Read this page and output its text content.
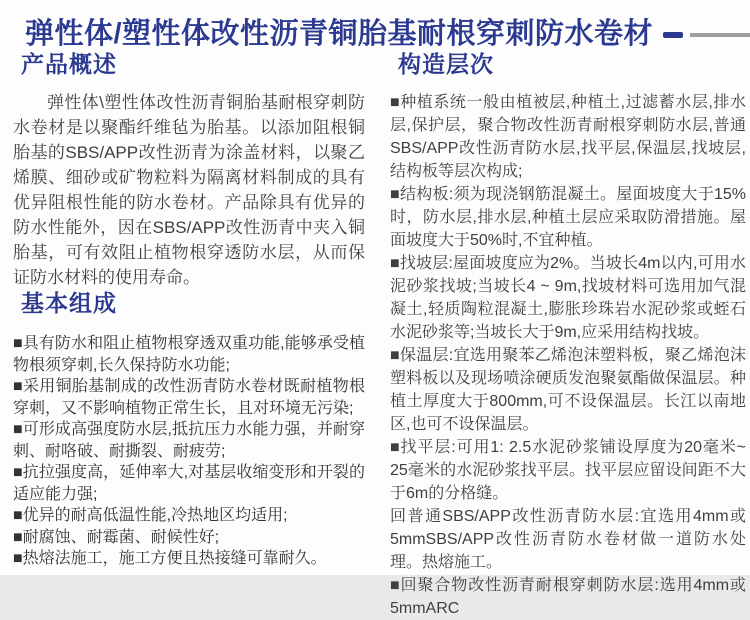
弹性体/塑性体改性沥青铜胎基耐根穿刺防水卷材
产品概述

弹性体\塑性体改性沥青铜胎基耐根穿刺防水卷材是以聚酯纤维毡为胎基。以添加阻根铜胎基的SBS/APP改性沥青为涂盖材料，以聚乙烯膜、细砂或矿物粒料为隔离材料制成的具有优异阻根性能的防水卷材。产品除具有优异的防水性能外，因在SBS/APP改性沥青中夹入铜胎基，可有效阻止植物根穿透防水层，从而保证防水材料的使用寿命。

基本组成

■具有防水和阻止植物根穿透双重功能,能够承受植物根须穿刺,长久保持防水功能;

■采用铜胎基制成的改性沥青防水卷材既耐植物根穿刺，又不影响植物正常生长，且对环境无污染;

■可形成高强度防水层,抵抗压力水能力强，并耐穿刺、耐咯破、耐撕裂、耐疲劳;

■抗拉强度高，延伸率大,对基层收缩变形和开裂的适应能力强;

■优异的耐高低温性能,冷热地区均适用;

■耐腐蚀、耐霉菌、耐候性好;

■热熔法施工，施工方便且热接缝可靠耐久。

构造层次

■种植系统一般由植被层,种植土,过滤蓄水层,排水层,保护层，聚合物改性沥青耐根穿刺防水层,普通SBS/APP改性沥青防水层,找平层,保温层,找坡层,结构板等层次构成;

■结构板:须为现浇钢筋混凝土。屋面坡度大于15%时，防水层,排水层,种植土层应采取防滑措施。屋面坡度大于50%时,不宜种植。

■找坡层:屋面坡度应为2%。当坡长4m以内,可用水泥砂浆找坡;当坡长4 ~ 9m,找坡材料可选用加气混凝土,轻质陶粒混凝土,膨胀珍珠岩水泥砂浆或蛭石水泥砂浆等;当坡长大于9m,应采用结构找坡。

■保温层:宜选用聚苯乙烯泡沫塑料板，聚乙烯泡沫塑料板以及现场喷涂硬质发泡聚氨酯做保温层。种植土厚度大于800mm,可不设保温层。长江以南地区,也可不设保温层。

■找平层:可用1: 2.5水泥砂浆铺设厚度为20毫米~ 25毫米的水泥砂浆找平层。找平层应留设间距不大于6m的分格缝。

回普通SBS/APP改性沥青防水层:宜选用4mm或5mmSBS/APP改性沥青防水卷材做一道防水处理。热熔施工。

■回聚合物改性沥青耐根穿刺防水层:选用4mm或5mmARC
